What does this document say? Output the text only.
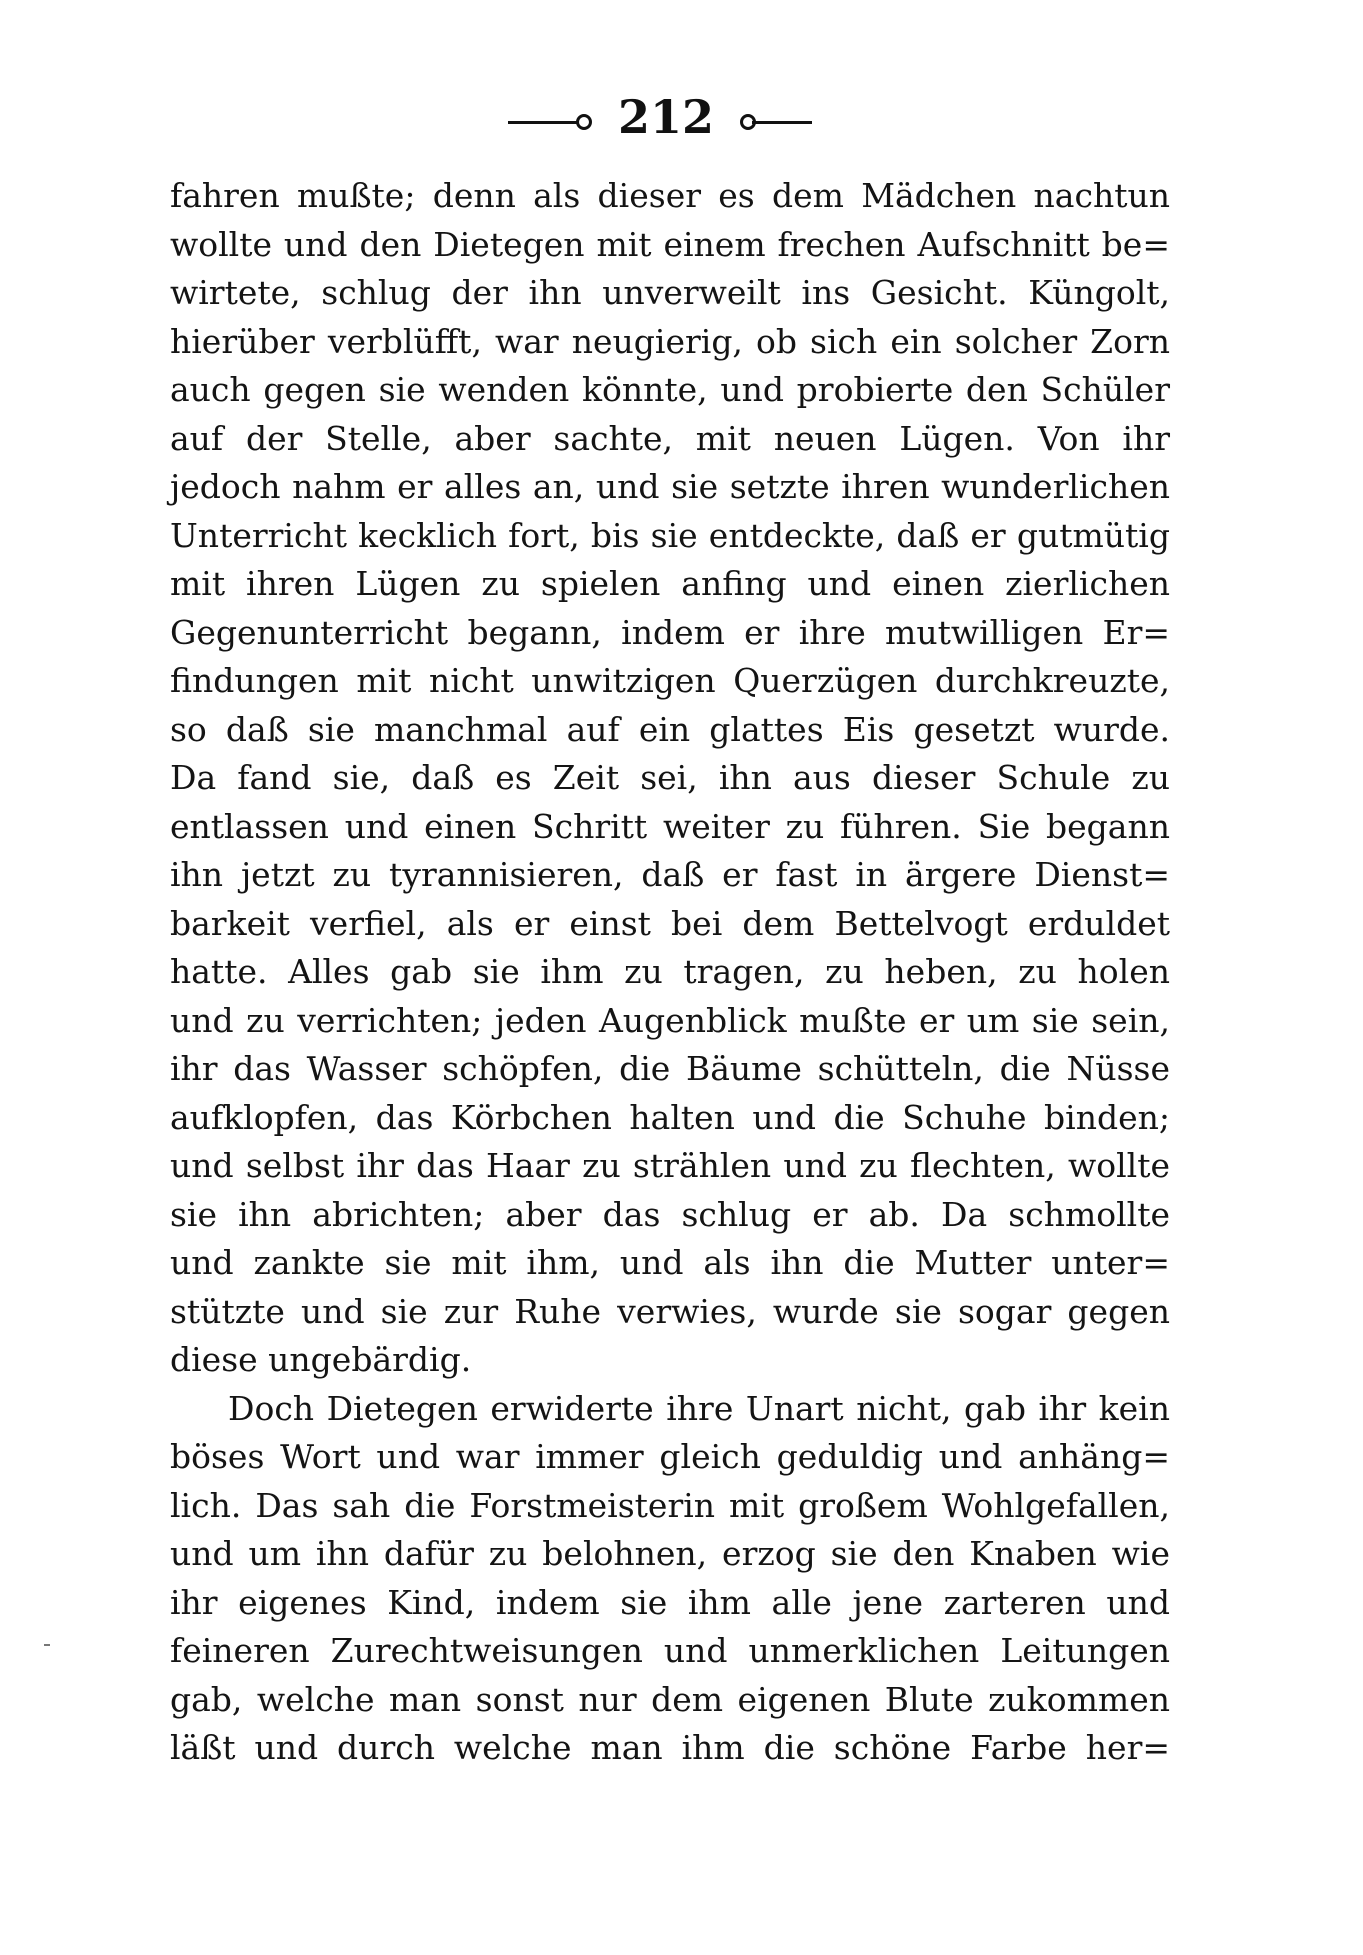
212
fahren mußte; denn als dieser es dem Mädchen nachtun
wollte und den Dietegen mit einem frechen Aufschnitt be=
wirtete, schlug der ihn unverweilt ins Gesicht. Küngolt,
hierüber verblüfft, war neugierig, ob sich ein solcher Zorn
auch gegen sie wenden könnte, und probierte den Schüler
auf der Stelle, aber sachte, mit neuen Lügen. Von ihr
jedoch nahm er alles an, und sie setzte ihren wunderlichen
Unterricht kecklich fort, bis sie entdeckte, daß er gutmütig
mit ihren Lügen zu spielen anfing und einen zierlichen
Gegenunterricht begann, indem er ihre mutwilligen Er=
findungen mit nicht unwitzigen Querzügen durchkreuzte,
so daß sie manchmal auf ein glattes Eis gesetzt wurde.
Da fand sie, daß es Zeit sei, ihn aus dieser Schule zu
entlassen und einen Schritt weiter zu führen. Sie begann
ihn jetzt zu tyrannisieren, daß er fast in ärgere Dienst=
barkeit verfiel, als er einst bei dem Bettelvogt erduldet
hatte. Alles gab sie ihm zu tragen, zu heben, zu holen
und zu verrichten; jeden Augenblick mußte er um sie sein,
ihr das Wasser schöpfen, die Bäume schütteln, die Nüsse
aufklopfen, das Körbchen halten und die Schuhe binden;
und selbst ihr das Haar zu strählen und zu flechten, wollte
sie ihn abrichten; aber das schlug er ab. Da schmollte
und zankte sie mit ihm, und als ihn die Mutter unter=
stützte und sie zur Ruhe verwies, wurde sie sogar gegen
diese ungebärdig.
Doch Dietegen erwiderte ihre Unart nicht, gab ihr kein
böses Wort und war immer gleich geduldig und anhäng=
lich. Das sah die Forstmeisterin mit großem Wohlgefallen,
und um ihn dafür zu belohnen, erzog sie den Knaben wie
ihr eigenes Kind, indem sie ihm alle jene zarteren und
feineren Zurechtweisungen und unmerklichen Leitungen
gab, welche man sonst nur dem eigenen Blute zukommen
läßt und durch welche man ihm die schöne Farbe her=
